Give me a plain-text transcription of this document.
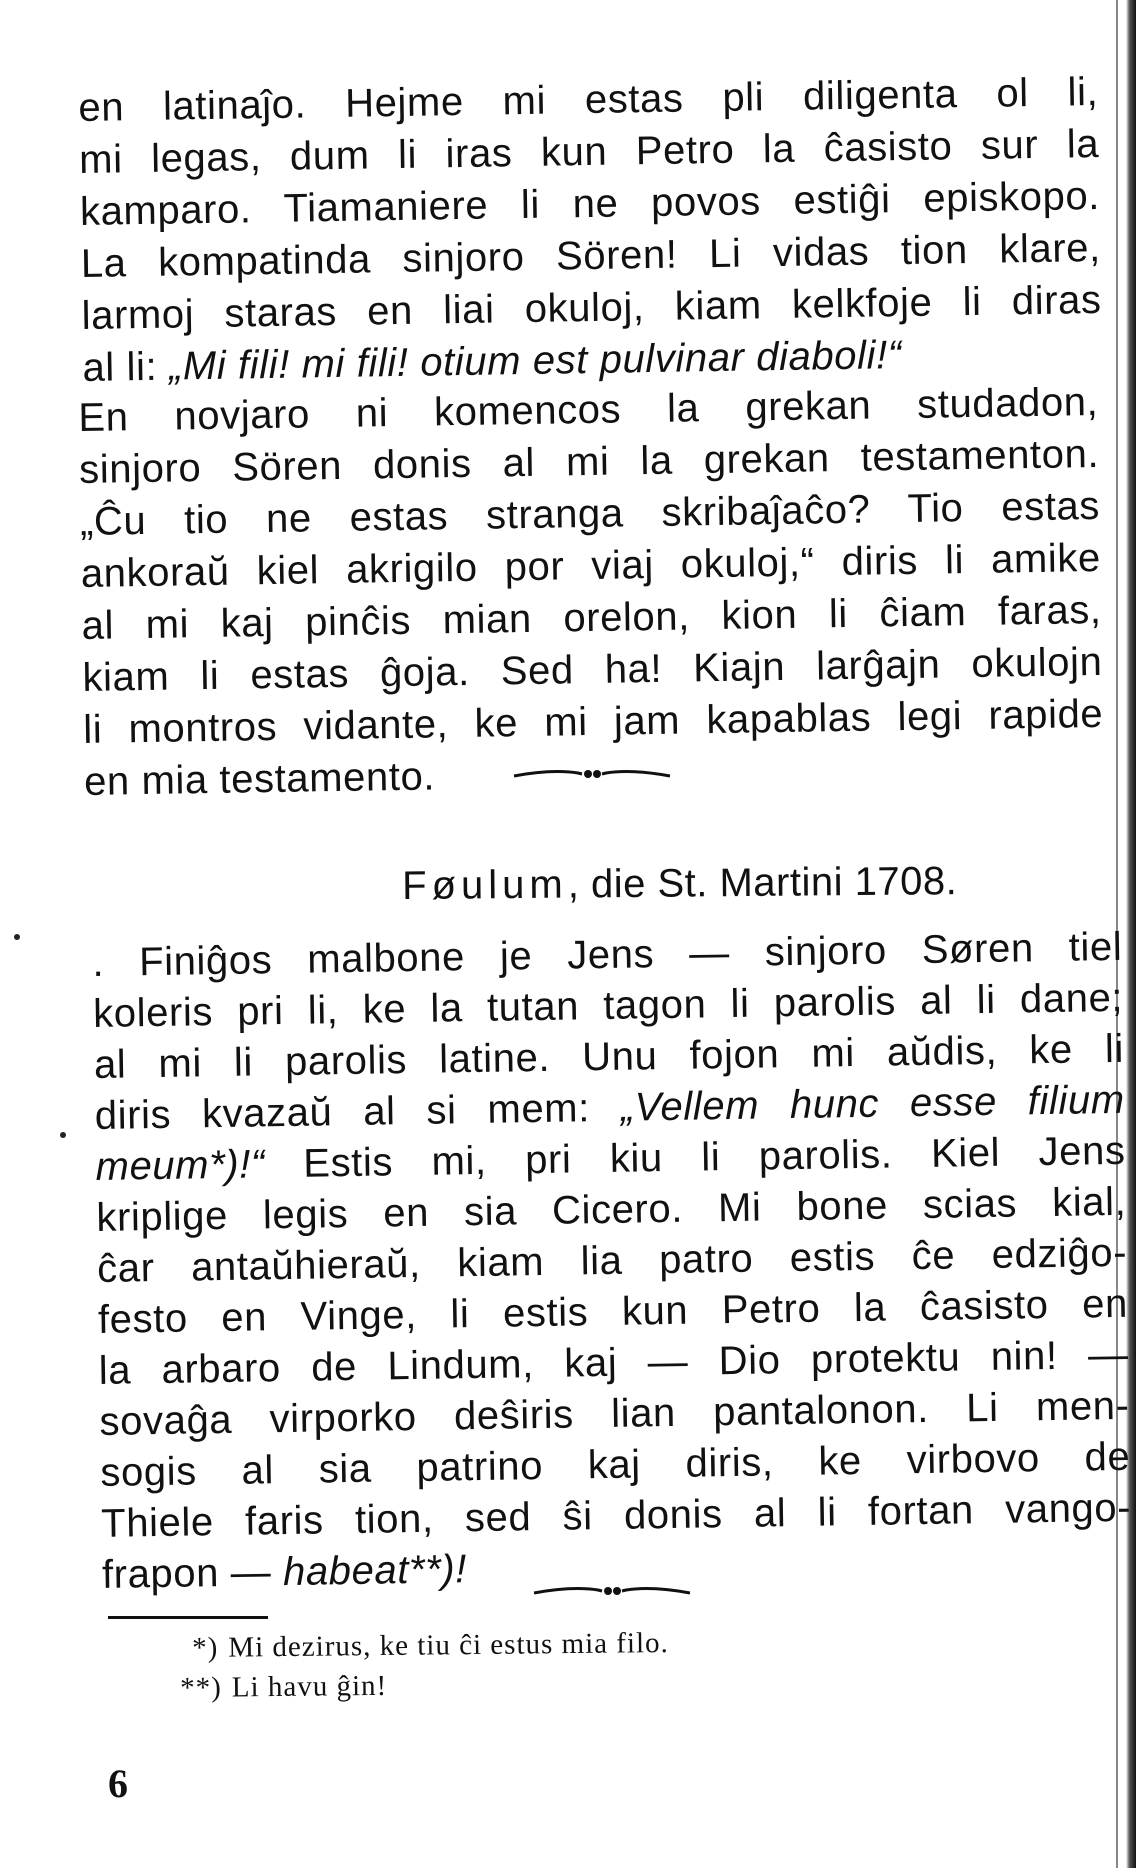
en latinaĵo. Hejme mi estas pli diligenta ol li,
mi legas, dum li iras kun Petro la ĉasisto sur la
kamparo. Tiamaniere li ne povos estiĝi episkopo.
La kompatinda sinjoro Sören! Li vidas tion klare,
larmoj staras en liai okuloj, kiam kelkfoje li diras
al li: „Mi fili! mi fili! otium est pulvinar diaboli!“
En novjaro ni komencos la grekan studadon,
sinjoro Sören donis al mi la grekan testamenton.
„Ĉu tio ne estas stranga skribaĵaĉo? Tio estas
ankoraŭ kiel akrigilo por viaj okuloj,“ diris li amike
al mi kaj pinĉis mian orelon, kion li ĉiam faras,
kiam li estas ĝoja. Sed ha! Kiajn larĝajn okulojn
li montros vidante, ke mi jam kapablas legi rapide
en mia testamento.
Føulum, die St. Martini 1708.
. Finiĝos malbone je Jens — sinjoro Søren tiel
koleris pri li, ke la tutan tagon li parolis al li dane;
al mi li parolis latine. Unu fojon mi aŭdis, ke li
diris kvazaŭ al si mem: „Vellem hunc esse filium
meum*)!“ Estis mi, pri kiu li parolis. Kiel Jens
kriplige legis en sia Cicero. Mi bone scias kial,
ĉar antaŭhieraŭ, kiam lia patro estis ĉe edziĝo-
festo en Vinge, li estis kun Petro la ĉasisto en
la arbaro de Lindum, kaj — Dio protektu nin! —
sovaĝa virporko deŝiris lian pantalonon. Li men-
sogis al sia patrino kaj diris, ke virbovo de
Thiele faris tion, sed ŝi donis al li fortan vango-
frapon — habeat**)!
*) Mi dezirus, ke tiu ĉi estus mia filo.
**) Li havu ĝin!
6
